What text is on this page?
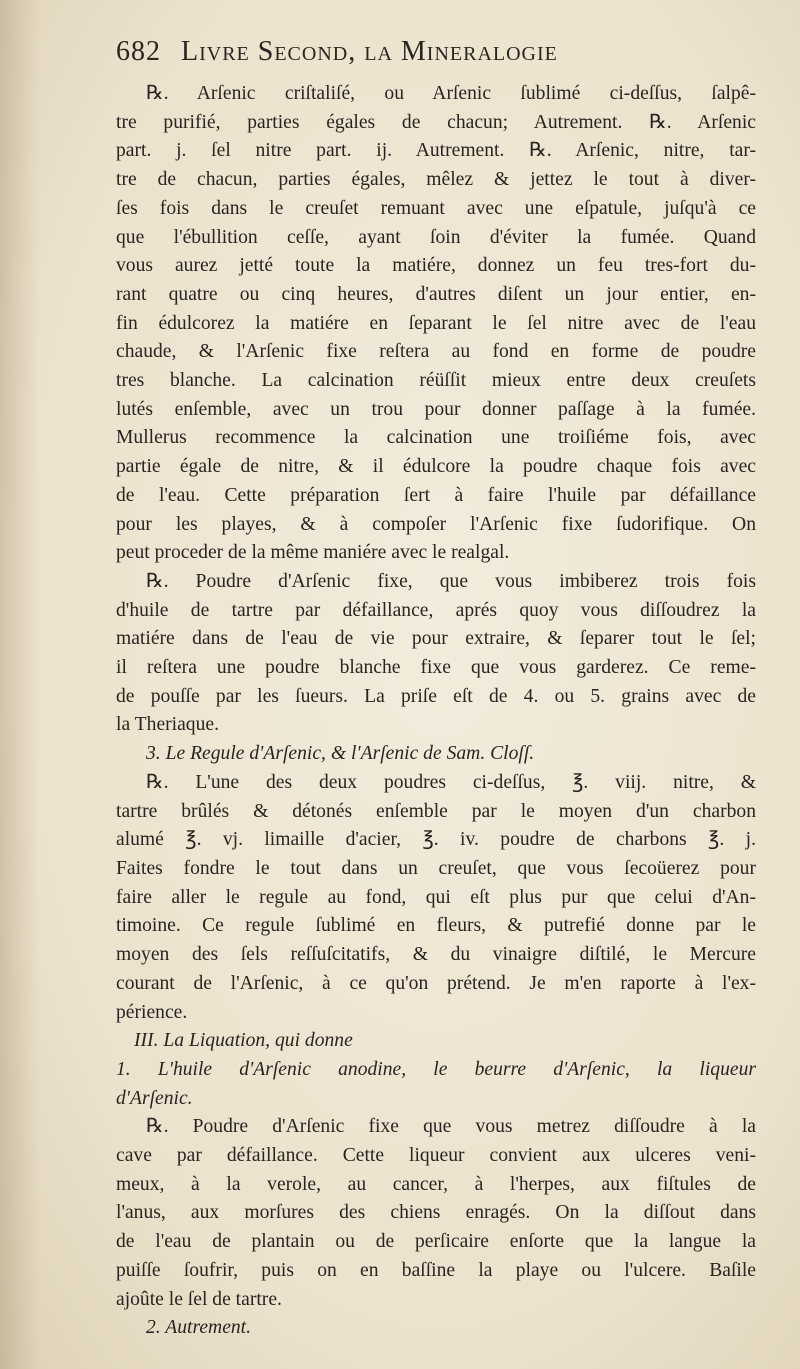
682 Livre Second, la Mineralogie
℞. Arſenic criſtaliſé, ou Arſenic ſublimé ci-deſſus, ſalpê-
tre purifié, parties égales de chacun; Autrement. ℞. Arſenic
part. j. ſel nitre part. ij. Autrement. ℞. Arſenic, nitre, tar-
tre de chacun, parties égales, mêlez & jettez le tout à diver-
ſes fois dans le creuſet remuant avec une eſpatule, juſqu'à ce
que l'ébullition ceſſe, ayant ſoin d'éviter la fumée. Quand
vous aurez jetté toute la matiére, donnez un feu tres-fort du-
rant quatre ou cinq heures, d'autres diſent un jour entier, en-
fin édulcorez la matiére en ſeparant le ſel nitre avec de l'eau
chaude, & l'Arſenic fixe reſtera au fond en forme de poudre
tres blanche. La calcination réüſſit mieux entre deux creuſets
lutés enſemble, avec un trou pour donner paſſage à la fumée.
Mullerus recommence la calcination une troiſiéme fois, avec
partie égale de nitre, & il édulcore la poudre chaque fois avec
de l'eau. Cette préparation ſert à faire l'huile par défaillance
pour les playes, & à compoſer l'Arſenic fixe ſudorifique. On
peut proceder de la même maniére avec le realgal.
℞. Poudre d'Arſenic fixe, que vous imbiberez trois fois
d'huile de tartre par défaillance, aprés quoy vous diſſoudrez la
matiére dans de l'eau de vie pour extraire, & ſeparer tout le ſel;
il reſtera une poudre blanche fixe que vous garderez. Ce reme-
de pouſſe par les ſueurs. La priſe eſt de 4. ou 5. grains avec de
la Theriaque.
3. Le Regule d'Arſenic, & l'Arſenic de Sam. Cloſſ.
℞. L'une des deux poudres ci-deſſus, ℥. viij. nitre, &
tartre brûlés & détonés enſemble par le moyen d'un charbon
alumé ℥. vj. limaille d'acier, ℥. iv. poudre de charbons ℥. j.
Faites fondre le tout dans un creuſet, que vous ſecoüerez pour
faire aller le regule au fond, qui eſt plus pur que celui d'An-
timoine. Ce regule ſublimé en fleurs, & putrefié donne par le
moyen des ſels reſſuſcitatifs, & du vinaigre diſtilé, le Mercure
courant de l'Arſenic, à ce qu'on prétend. Je m'en raporte à l'ex-
périence.
III. La Liquation, qui donne
1. L'huile d'Arſenic anodine, le beurre d'Arſenic, la liqueur
d'Arſenic.
℞. Poudre d'Arſenic fixe que vous metrez diſſoudre à la
cave par défaillance. Cette liqueur convient aux ulceres veni-
meux, à la verole, au cancer, à l'herpes, aux fiſtules de
l'anus, aux morſures des chiens enragés. On la diſſout dans
de l'eau de plantain ou de perſicaire enſorte que la langue la
puiſſe ſoufrir, puis on en baſſine la playe ou l'ulcere. Baſile
ajoûte le ſel de tartre.
2. Autrement.
